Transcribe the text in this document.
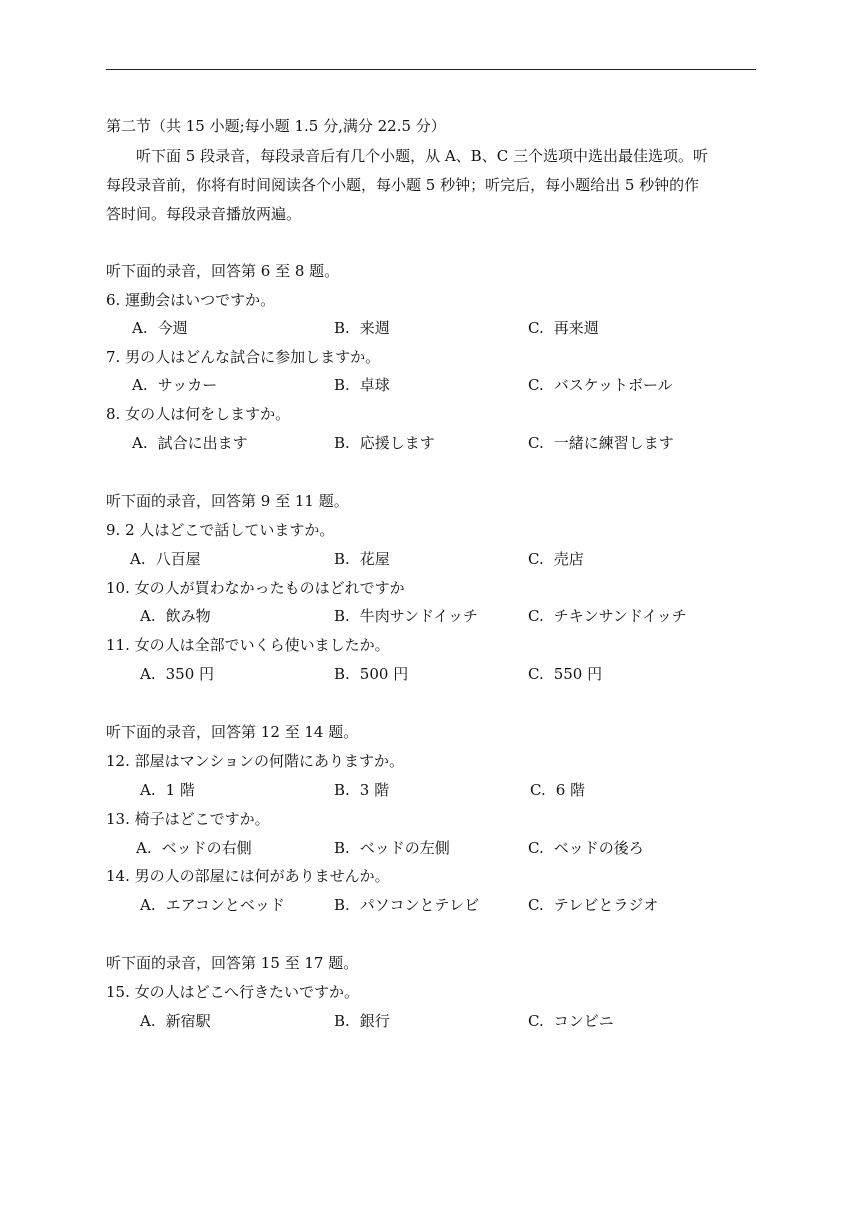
第二节（共 15 小题;每小题 1.5 分,满分 22.5 分）
听下面 5 段录音，每段录音后有几个小题，从 A、B、C 三个选项中选出最佳选项。听
每段录音前，你将有时间阅读各个小题，每小题 5 秒钟；听完后，每小题给出 5 秒钟的作
答时间。每段录音播放两遍。
听下面的录音，回答第 6 至 8 题。
6. 運動会はいつですか。
A. 今週	B. 来週	C. 再来週
7. 男の人はどんな試合に参加しますか。
A. サッカー	B. 卓球	C. バスケットボール
8. 女の人は何をしますか。
A. 試合に出ます	B. 応援します	C. 一緒に練習します
听下面的录音，回答第 9 至 11 题。
9. 2 人はどこで話していますか。
A. 八百屋	B. 花屋	C. 売店
10. 女の人が買わなかったものはどれですか
A. 飲み物	B. 牛肉サンドイッチ	C. チキンサンドイッチ
11. 女の人は全部でいくら使いましたか。
A. 350 円	B. 500 円	C. 550 円
听下面的录音，回答第 12 至 14 题。
12. 部屋はマンションの何階にありますか。
A. 1 階	B. 3 階	C. 6 階
13. 椅子はどこですか。
A. ベッドの右側	B. ベッドの左側	C. ベッドの後ろ
14. 男の人の部屋には何がありませんか。
A. エアコンとベッド	B. パソコンとテレビ	C. テレビとラジオ
听下面的录音，回答第 15 至 17 题。
15. 女の人はどこへ行きたいですか。
A. 新宿駅	B. 銀行	C. コンビニ
